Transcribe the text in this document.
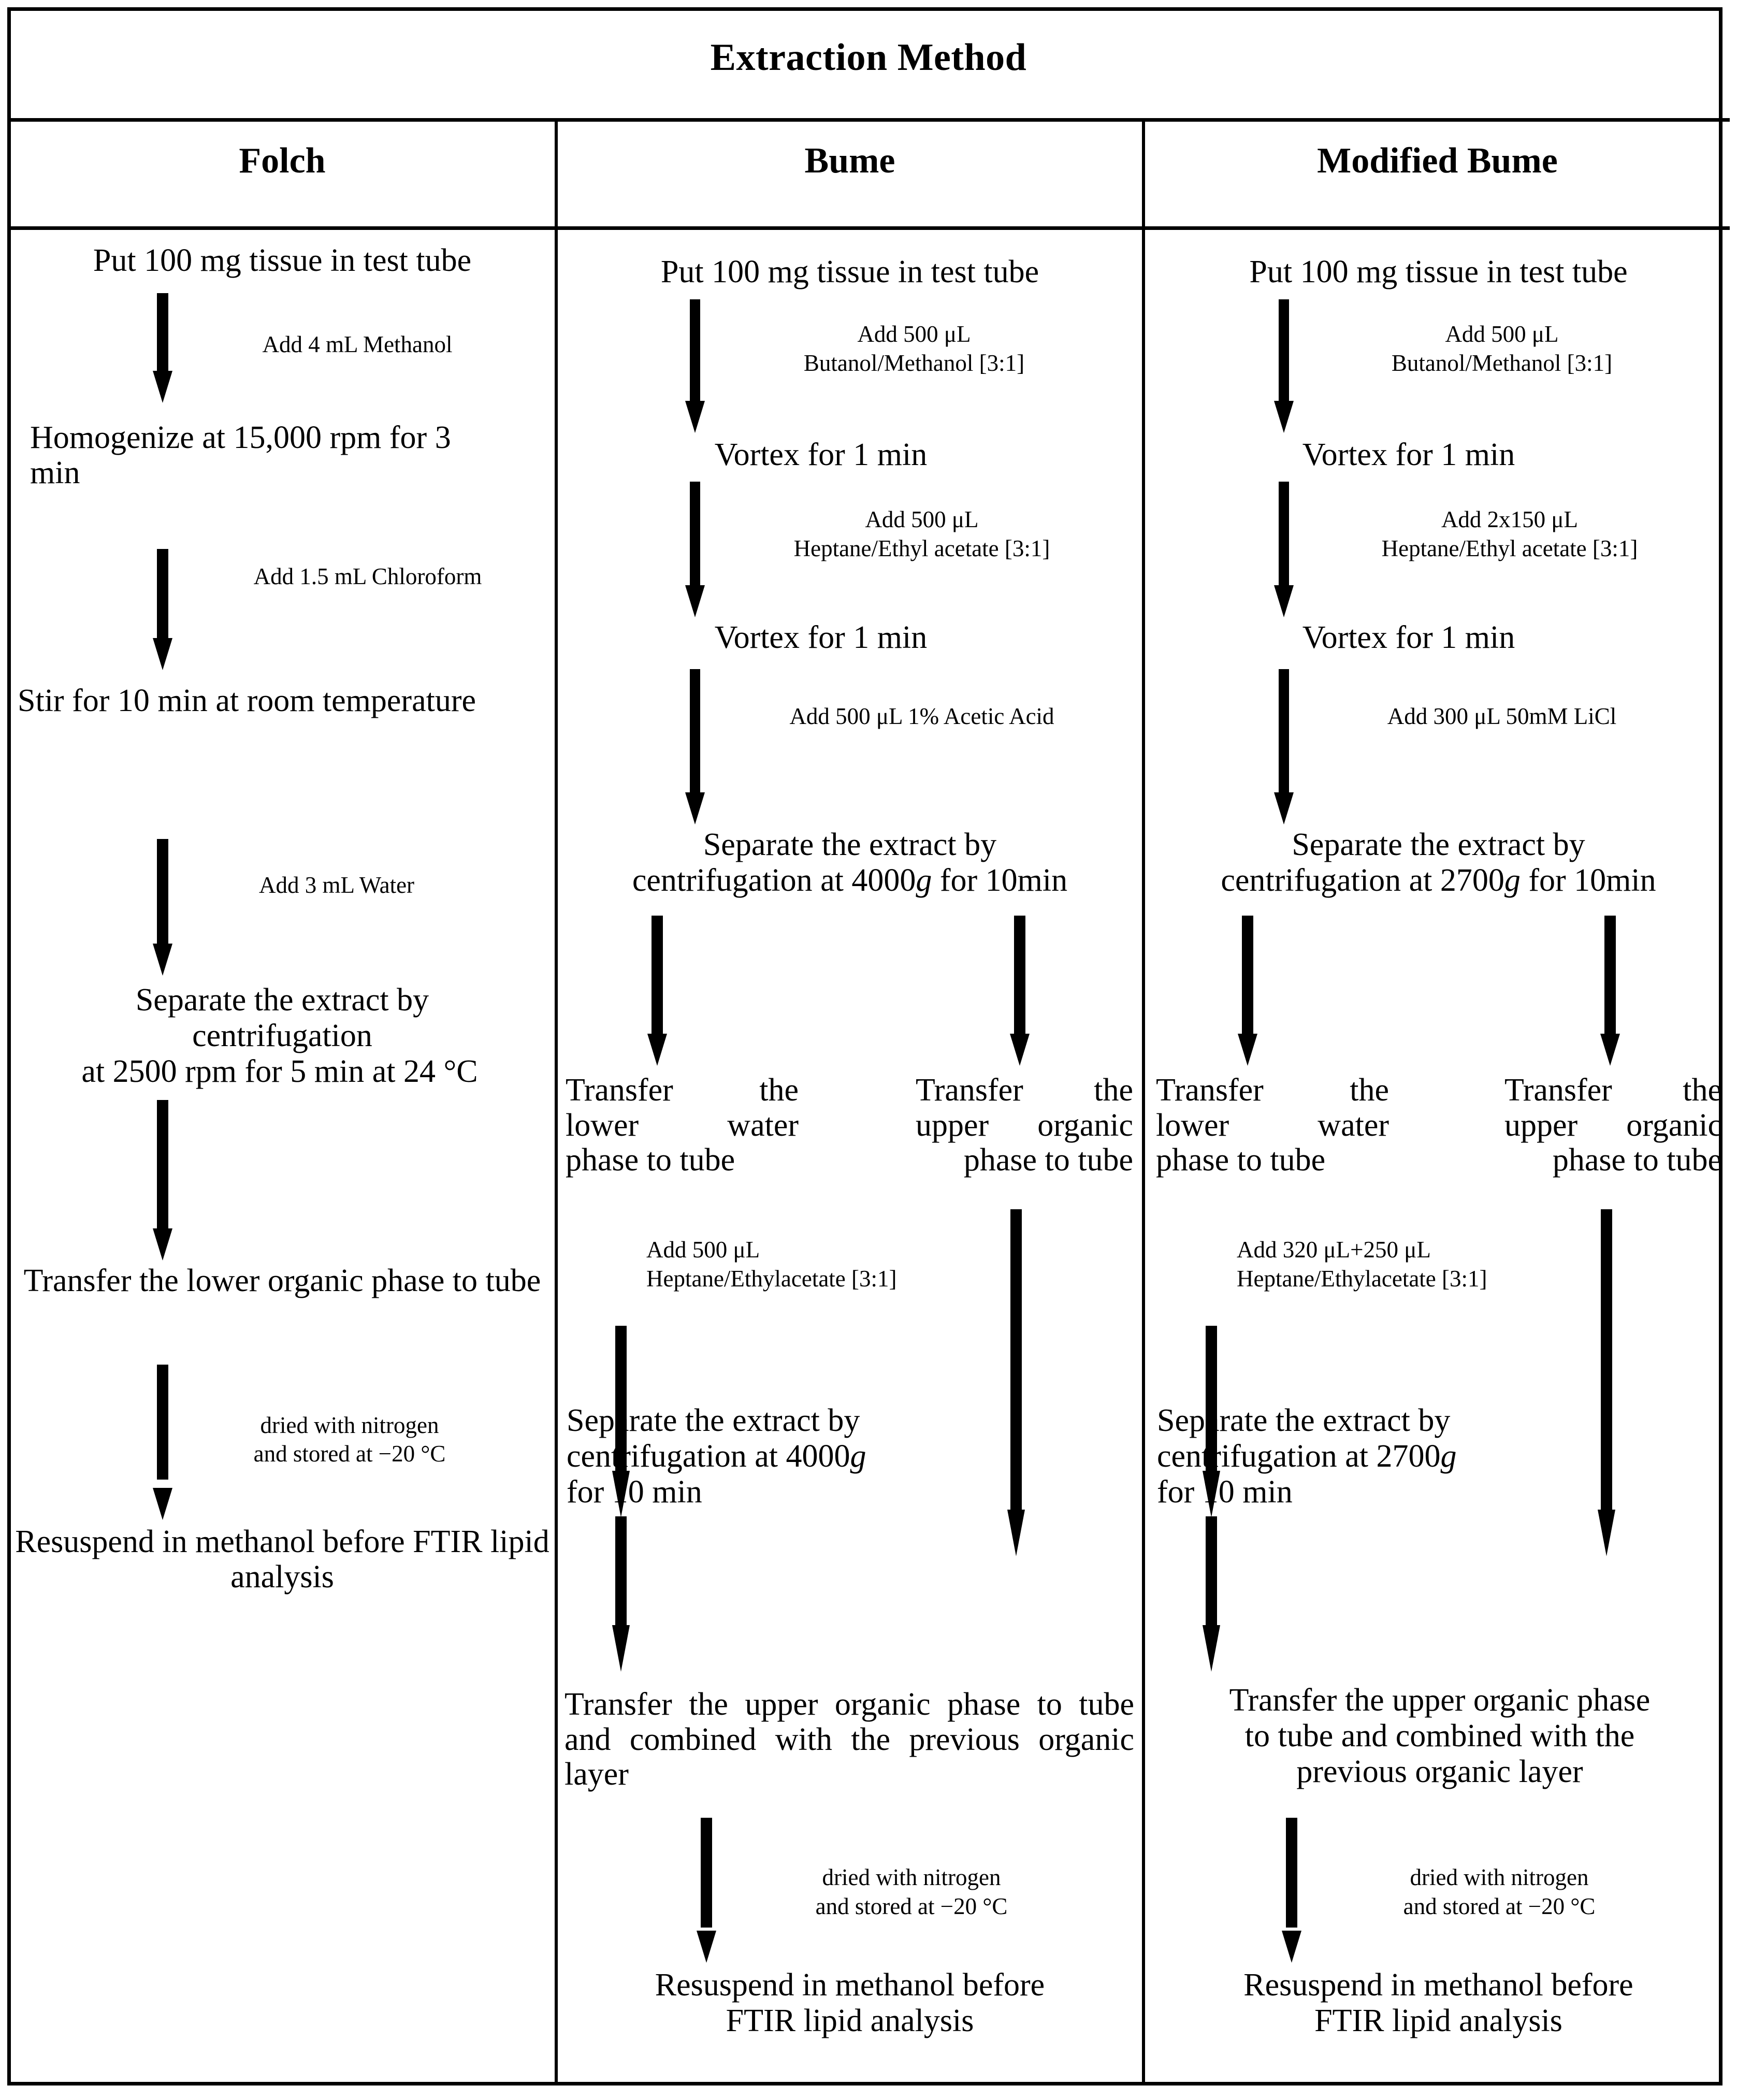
Extraction Method
Folch	Bume	Modified Bume
Put 100 mg tissue in test tube
Add 4 mL Methanol
Homogenize at 15,000 rpm for 3 min
Add 1.5 mL Chloroform
Stir for 10 min at room temperature
Add 3 mL Water
Separate the extract by
centrifugation
at 2500 rpm for 5 min at 24 °C
Transfer the lower organic phase to tube
dried with nitrogen
and stored at −20 °C
Resuspend in methanol before FTIR lipid analysis
Put 100 mg tissue in test tube
Add 500 μL
Butanol/Methanol [3:1]
Vortex for 1 min
Add 500 μL
Heptane/Ethyl acetate [3:1]
Vortex for 1 min
Add 500 μL 1% Acetic Acid
Separate the extract by
centrifugation at 4000g for 10min
Transfer the lower water phase to tube
Transfer the upper organic phase to tube
Add 500 μL
Heptane/Ethylacetate [3:1]
Separate the extract by
centrifugation at 4000g
for 10 min
Transfer the upper organic phase to tube and combined with the previous organic layer
dried with nitrogen
and stored at −20 °C
Resuspend in methanol before
FTIR lipid analysis
Put 100 mg tissue in test tube
Add 500 μL
Butanol/Methanol [3:1]
Vortex for 1 min
Add 2x150 μL
Heptane/Ethyl acetate [3:1]
Vortex for 1 min
Add 300 μL 50mM LiCl
Separate the extract by
centrifugation at 2700g for 10min
Transfer the lower water phase to tube
Transfer the upper organic phase to tube
Add 320 μL+250 μL
Heptane/Ethylacetate [3:1]
Separate the extract by
centrifugation at 2700g
for 10 min
Transfer the upper organic phase
to tube and combined with the
previous organic layer
dried with nitrogen
and stored at −20 °C
Resuspend in methanol before
FTIR lipid analysis
